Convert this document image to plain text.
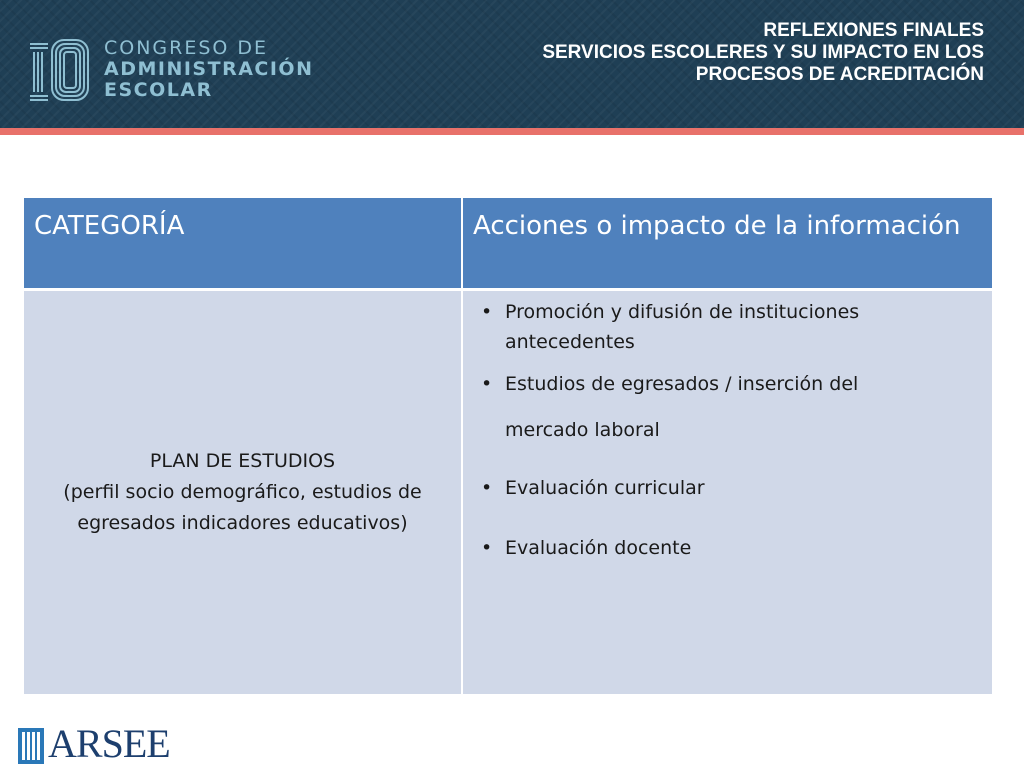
CONGRESO DE
ADMINISTRACIÓN
ESCOLAR
REFLEXIONES FINALES
SERVICIOS ESCOLERES Y SU IMPACTO EN LOS
PROCESOS DE ACREDITACIÓN
CATEGORÍA	Acciones o impacto de la información
PLAN DE ESTUDIOS
(perfil socio demográfico, estudios de egresados indicadores educativos)
• Promoción y difusión de instituciones antecedentes
• Estudios de egresados / inserción del
mercado laboral
• Evaluación curricular
• Evaluación docente
ARSEE
